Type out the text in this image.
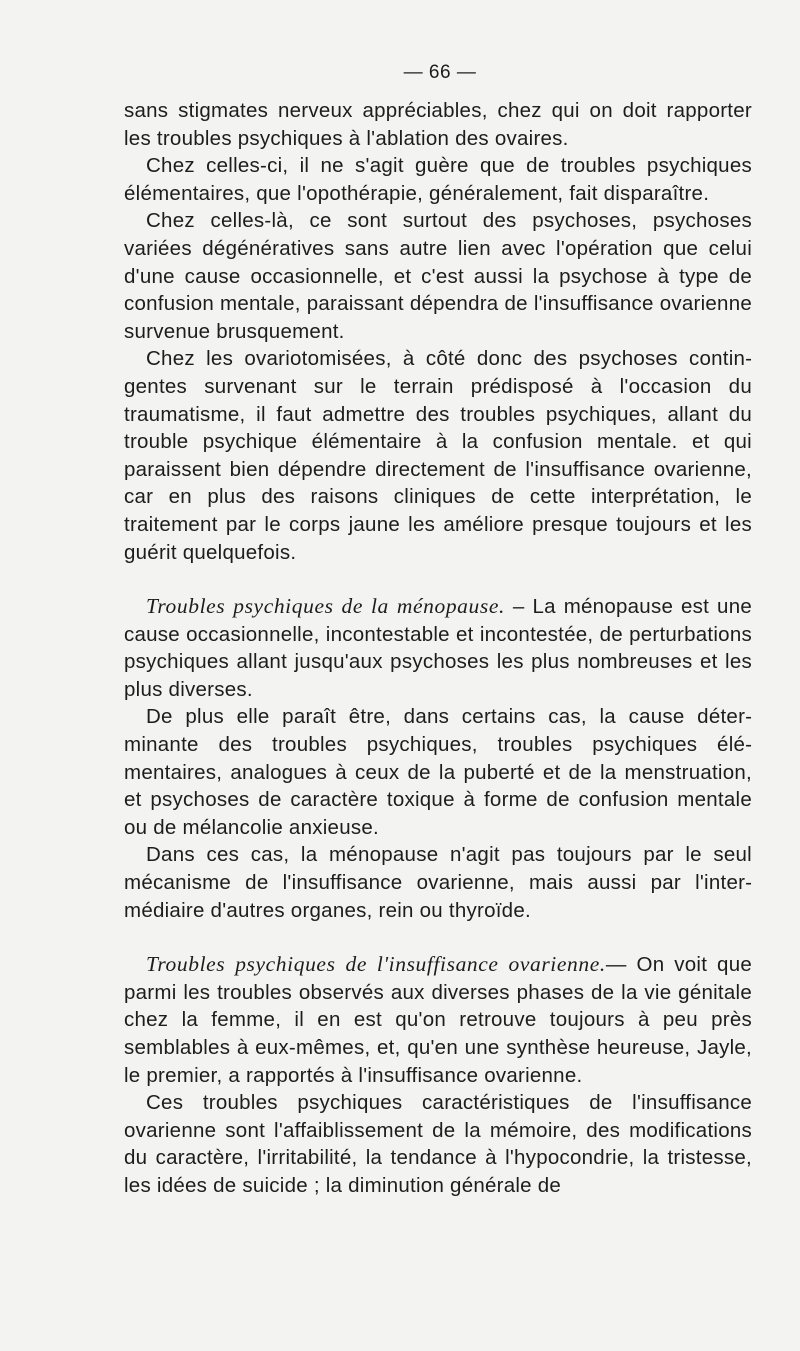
— 66 —

sans stigmates nerveux appréciables, chez qui on doit rapporter les troubles psychiques à l'ablation des ovaires.

Chez celles-ci, il ne s'agit guère que de troubles psychiques élémentaires, que l'opothérapie, généralement, fait disparaître.

Chez celles-là, ce sont surtout des psychoses, psychoses variées dégénératives sans autre lien avec l'opération que celui d'une cause occasionnelle, et c'est aussi la psychose à type de confusion mentale, paraissant dépendra de l'insuffisance ovarienne survenue brusquement.

Chez les ovariotomisées, à côté donc des psychoses contingentes survenant sur le terrain prédisposé à l'occasion du traumatisme, il faut admettre des troubles psychiques, allant du trouble psychique élémentaire à la confusion mentale. et qui paraissent bien dépendre directement de l'insuffisance ovarienne, car en plus des raisons cliniques de cette interprétation, le traitement par le corps jaune les améliore presque toujours et les guérit quelquefois.

Troubles psychiques de la ménopause. – La ménopause est une cause occasionnelle, incontestable et incontestée, de perturbations psychiques allant jusqu'aux psychoses les plus nombreuses et les plus diverses.

De plus elle paraît être, dans certains cas, la cause déterminante des troubles psychiques, troubles psychiques élémentaires, analogues à ceux de la puberté et de la menstruation, et psychoses de caractère toxique à forme de confusion mentale ou de mélancolie anxieuse.

Dans ces cas, la ménopause n'agit pas toujours par le seul mécanisme de l'insuffisance ovarienne, mais aussi par l'intermédiaire d'autres organes, rein ou thyroïde.

Troubles psychiques de l'insuffisance ovarienne.— On voit que parmi les troubles observés aux diverses phases de la vie génitale chez la femme, il en est qu'on retrouve toujours à peu près semblables à eux-mêmes, et, qu'en une synthèse heureuse, Jayle, le premier, a rapportés à l'insuffisance ovarienne.

Ces troubles psychiques caractéristiques de l'insuffisance ovarienne sont l'affaiblissement de la mémoire, des modifications du caractère, l'irritabilité, la tendance à l'hypocondrie, la tristesse, les idées de suicide ; la diminution générale de
